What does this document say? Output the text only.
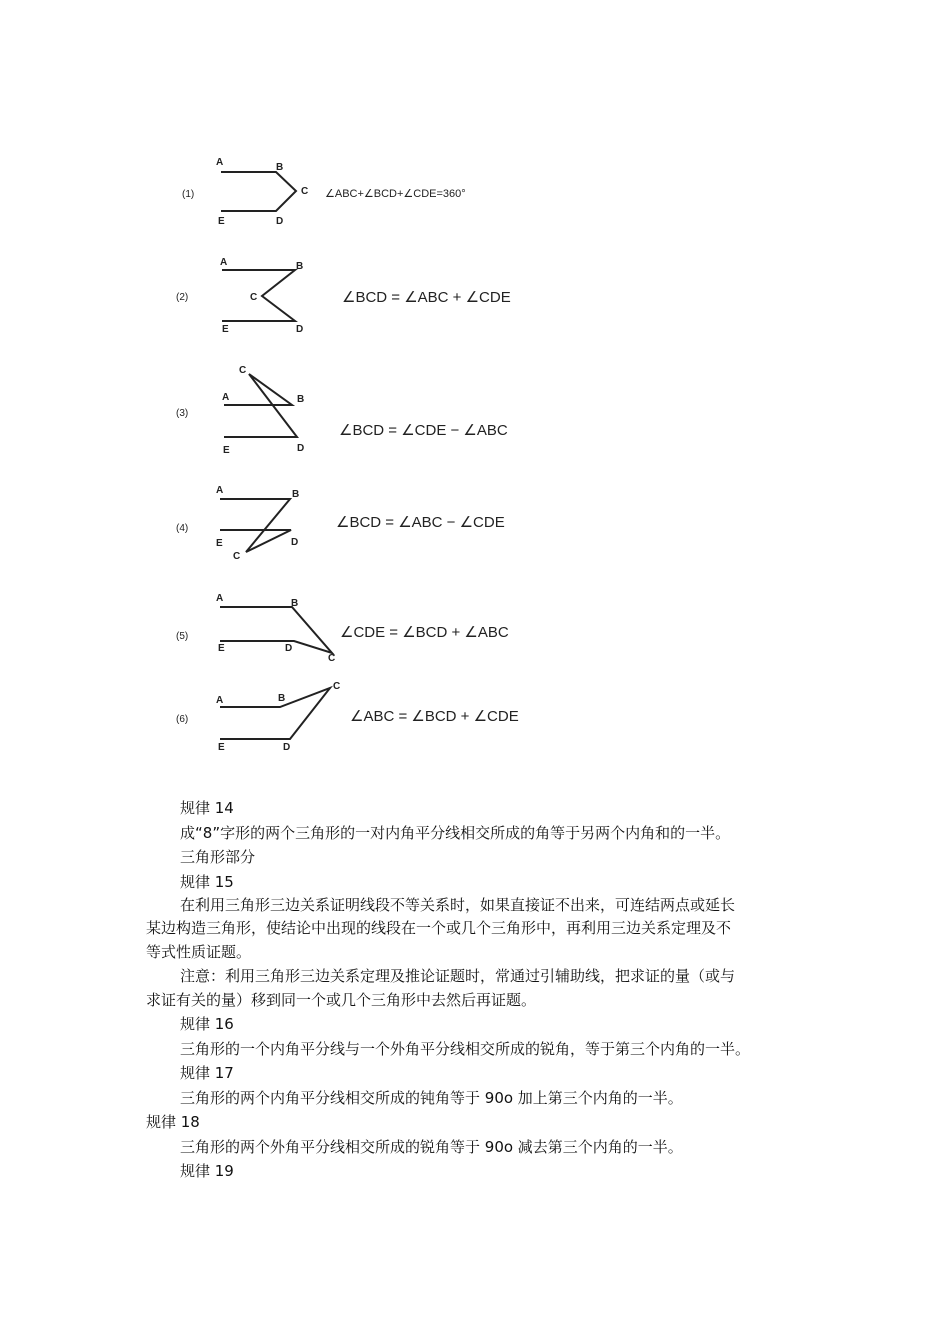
(1)
(2)
(3)
(4)
(5)
(6)
A	B
C
D
E
A	B
C
D
E
A	B
C
D
E
A	B
C
D
E
A	B
C
D
E
A	B
C
D
E
∠ABC+∠BCD+∠CDE=360°
∠BCD = ∠ABC + ∠CDE
∠BCD = ∠CDE − ∠ABC
∠BCD = ∠ABC − ∠CDE
∠CDE = ∠BCD + ∠ABC
∠ABC = ∠BCD + ∠CDE

规律 14

成“8”字形的两个三角形的一对内角平分线相交所成的角等于另两个内角和的一半。

三角形部分

规律 15

在利用三角形三边关系证明线段不等关系时，如果直接证不出来，可连结两点或延长

某边构造三角形，使结论中出现的线段在一个或几个三角形中，再利用三边关系定理及不

等式性质证题。

注意：利用三角形三边关系定理及推论证题时，常通过引辅助线，把求证的量（或与

求证有关的量）移到同一个或几个三角形中去然后再证题。

规律 16

三角形的一个内角平分线与一个外角平分线相交所成的锐角，等于第三个内角的一半。

规律 17

三角形的两个内角平分线相交所成的钝角等于 90o 加上第三个内角的一半。

规律 18

三角形的两个外角平分线相交所成的锐角等于 90o 减去第三个内角的一半。

规律 19
